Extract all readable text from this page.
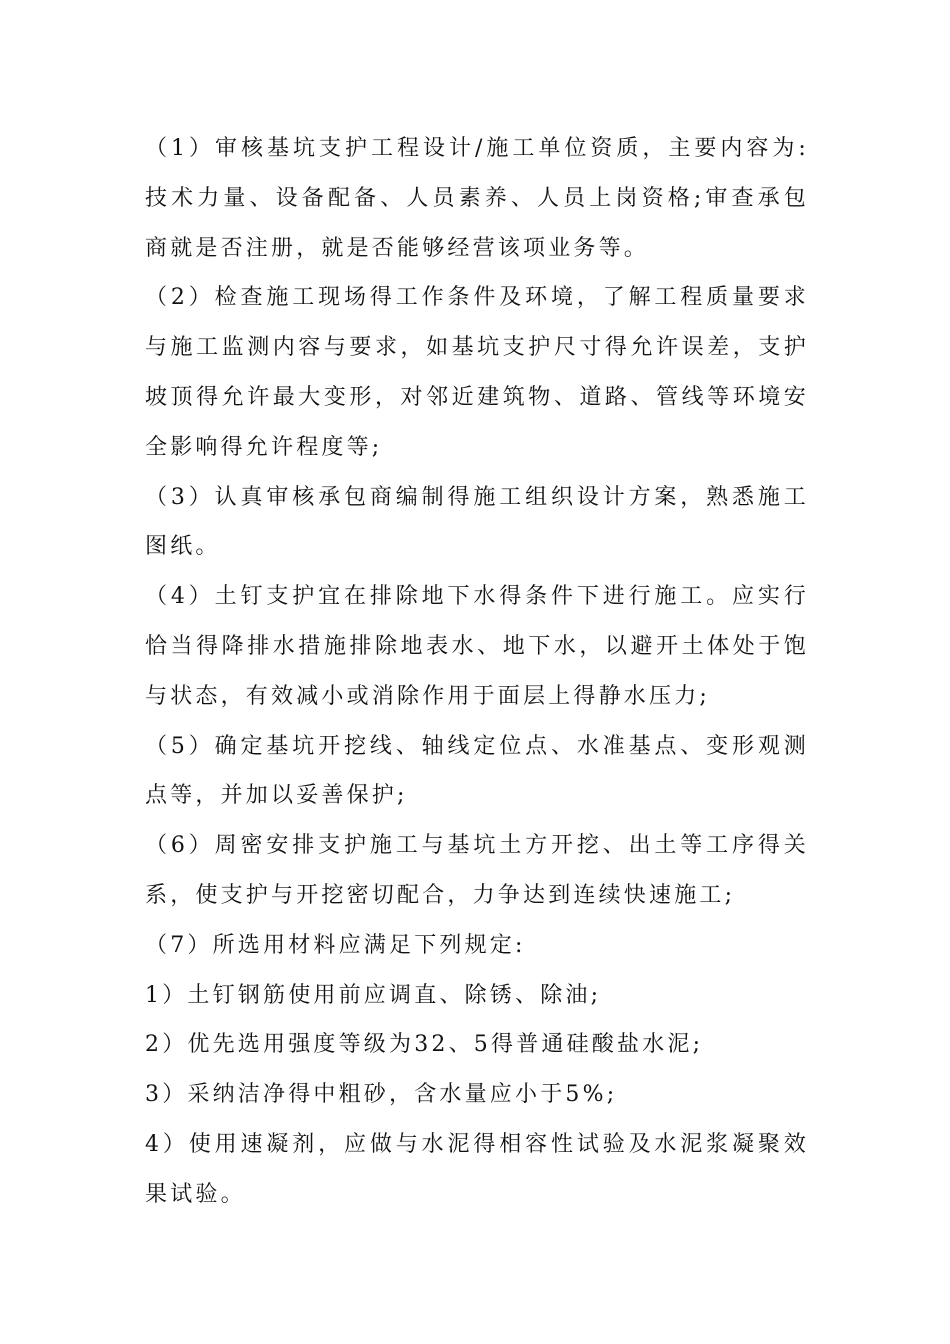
（1）审核基坑支护工程设计/施工单位资质，主要内容为:技术力量、设备配备、人员素养、人员上岗资格;审查承包商就是否注册，就是否能够经营该项业务等。

（2）检查施工现场得工作条件及环境，了解工程质量要求与施工监测内容与要求，如基坑支护尺寸得允许误差，支护坡顶得允许最大变形，对邻近建筑物、道路、管线等环境安全影响得允许程度等;

（3）认真审核承包商编制得施工组织设计方案，熟悉施工图纸。

（4）土钉支护宜在排除地下水得条件下进行施工。应实行恰当得降排水措施排除地表水、地下水，以避开土体处于饱与状态，有效减小或消除作用于面层上得静水压力;

（5）确定基坑开挖线、轴线定位点、水准基点、变形观测点等，并加以妥善保护;

（6）周密安排支护施工与基坑土方开挖、出土等工序得关系，使支护与开挖密切配合，力争达到连续快速施工;

（7）所选用材料应满足下列规定:

1）土钉钢筋使用前应调直、除锈、除油;

2）优先选用强度等级为32、5得普通硅酸盐水泥;

3）采纳洁净得中粗砂，含水量应小于5%;

4）使用速凝剂，应做与水泥得相容性试验及水泥浆凝聚效果试验。
